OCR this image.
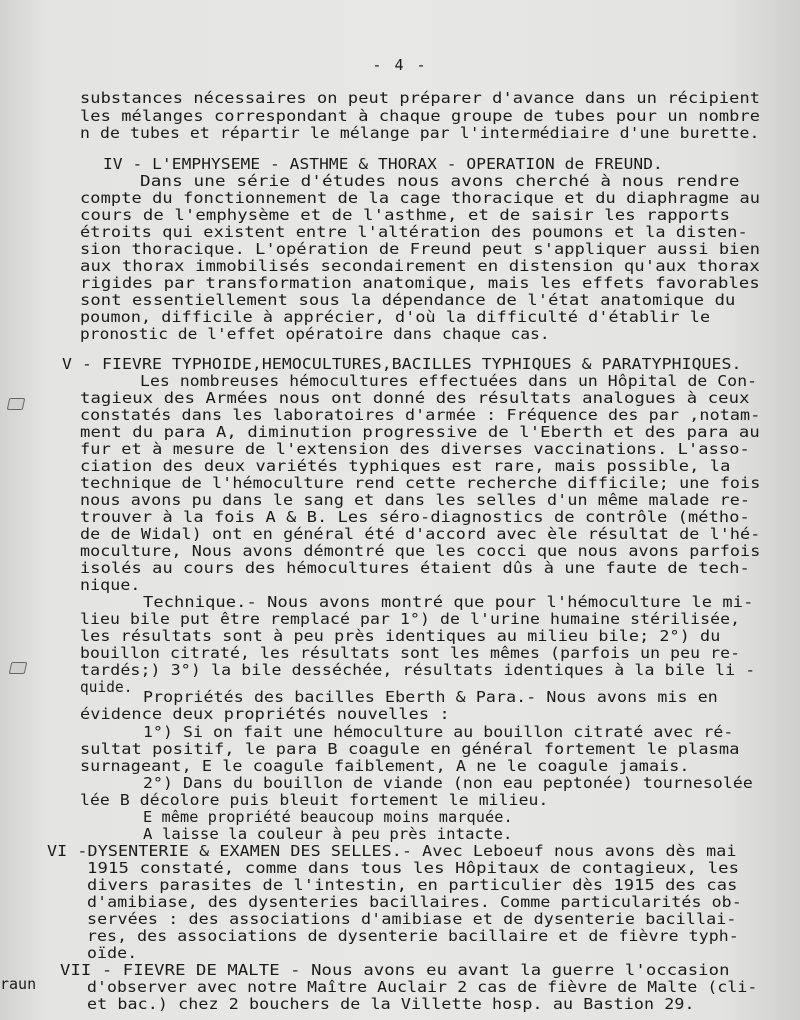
- 4 -
substances nécessaires on peut préparer d'avance dans un récipient
les mélanges correspondant à chaque groupe de tubes pour un nombre
n de tubes et répartir le mélange par l'intermédiaire d'une burette.
IV - L'EMPHYSEME - ASTHME & THORAX - OPERATION de FREUND.
Dans une série d'études nous avons cherché à nous rendre
compte du fonctionnement de la cage thoracique et du diaphragme au
cours de l'emphysème et de l'asthme, et de saisir les rapports
étroits qui existent entre l'altération des poumons et la disten-
sion thoracique. L'opération de Freund peut s'appliquer aussi bien
aux thorax immobilisés secondairement en distension qu'aux thorax
rigides par transformation anatomique, mais les effets favorables
sont essentiellement sous la dépendance de l'état anatomique du
poumon, difficile à apprécier, d'où la difficulté d'établir le
pronostic de l'effet opératoire dans chaque cas.
V - FIEVRE TYPHOIDE,HEMOCULTURES,BACILLES TYPHIQUES & PARATYPHIQUES.
Les nombreuses hémocultures effectuées dans un Hôpital de Con-
tagieux des Armées nous ont donné des résultats analogues à ceux
constatés dans les laboratoires d'armée : Fréquence des par ,notam-
ment du para A, diminution progressive de l'Eberth et des para au
fur et à mesure de l'extension des diverses vaccinations. L'asso-
ciation des deux variétés typhiques est rare, mais possible, la
technique de l'hémoculture rend cette recherche difficile; une fois
nous avons pu dans le sang et dans les selles d'un même malade re-
trouver à la fois A & B. Les séro-diagnostics de contrôle (métho-
de de Widal) ont en général été d'accord avec èle résultat de l'hé-
moculture, Nous avons démontré que les cocci que nous avons parfois
isolés au cours des hémocultures étaient dûs à une faute de tech-
nique.
Technique.- Nous avons montré que pour l'hémoculture le mi-
lieu bile put être remplacé par 1°) de l'urine humaine stérilisée,
les résultats sont à peu près identiques au milieu bile; 2°) du
bouillon citraté, les résultats sont les mêmes (parfois un peu re-
tardés;) 3°) la bile desséchée, résultats identiques à la bile li -
quide.
Propriétés des bacilles Eberth & Para.- Nous avons mis en
évidence deux propriétés nouvelles :
1°) Si on fait une hémoculture au bouillon citraté avec ré-
sultat positif, le para B coagule en général fortement le plasma
surnageant, E le coagule faiblement, A ne le coagule jamais.
2°) Dans du bouillon de viande (non eau peptonée) tournesolée
lée B décolore puis bleuit fortement le milieu.
E même propriété beaucoup moins marquée.
A laisse la couleur à peu près intacte.
VI -DYSENTERIE & EXAMEN DES SELLES.- Avec Leboeuf nous avons dès mai
1915 constaté, comme dans tous les Hôpitaux de contagieux, les
divers parasites de l'intestin, en particulier dès 1915 des cas
d'amibiase, des dysenteries bacillaires. Comme particularités ob-
servées : des associations d'amibiase et de dysenterie bacillai-
res, des associations de dysenterie bacillaire et de fièvre typh-
oïde.
VII - FIEVRE DE MALTE - Nous avons eu avant la guerre l'occasion
d'observer avec notre Maître Auclair 2 cas de fièvre de Malte (cli-
et bac.) chez 2 bouchers de la Villette hosp. au Bastion 29.
raun
